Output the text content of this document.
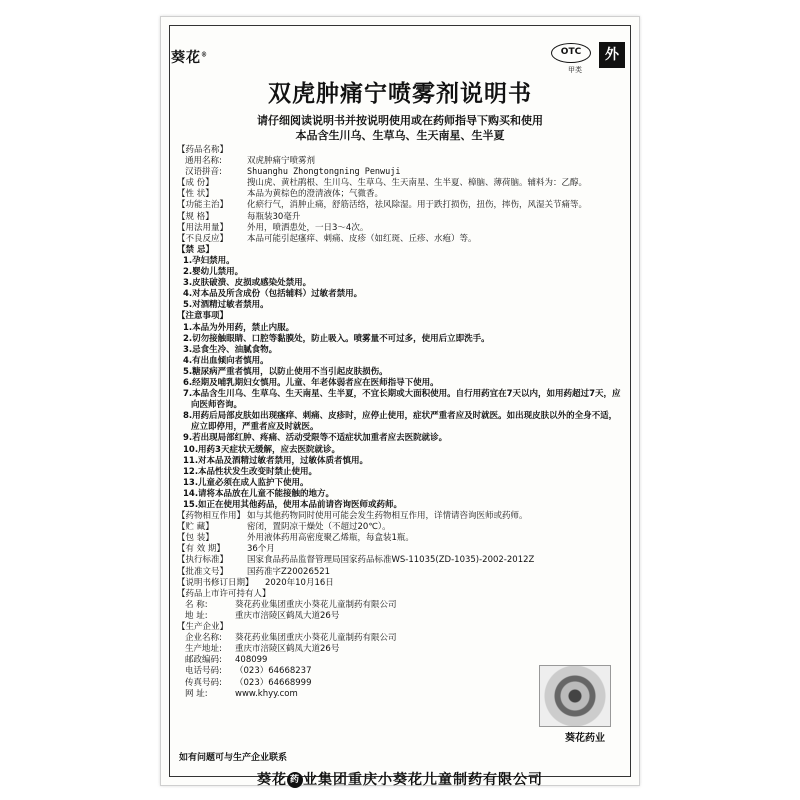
葵花®	OTC
甲类
外
双虎肿痛宁喷雾剂说明书
请仔细阅读说明书并按说明使用或在药师指导下购买和使用
本品含生川乌、生草乌、生天南星、生半夏
【药品名称】
通用名称:	双虎肿痛宁喷雾剂
汉语拼音:	Shuanghu Zhongtongning Penwuji
【成 份】	搜山虎、黄杜鹃根、生川乌、生草乌、生天南星、生半夏、樟脑、薄荷脑。辅料为：乙醇。
【性 状】	本品为黄棕色的澄清液体；气微香。
【功能主治】	化瘀行气，消肿止痛，舒筋活络，祛风除湿。用于跌打损伤，扭伤，摔伤，风湿关节痛等。
【规 格】	每瓶装30毫升
【用法用量】	外用，喷洒患处，一日3～4次。
【不良反应】	本品可能引起瘙痒、刺痛、皮疹（如红斑、丘疹、水疱）等。
【禁 忌】
1.孕妇禁用。
2.婴幼儿禁用。
3.皮肤破溃、皮损或感染处禁用。
4.对本品及所含成份（包括辅料）过敏者禁用。
5.对酒精过敏者禁用。
【注意事项】
1.本品为外用药，禁止内服。
2.切勿接触眼睛、口腔等黏膜处，防止吸入。喷雾量不可过多，使用后立即洗手。
3.忌食生冷、油腻食物。
4.有出血倾向者慎用。
5.糖尿病严重者慎用，以防止使用不当引起皮肤损伤。
6.经期及哺乳期妇女慎用。儿童、年老体弱者应在医师指导下使用。
7.本品含生川乌、生草乌、生天南星、生半夏，不宜长期或大面积使用。自行用药宜在7天以内，如用药超过7天，应向医师咨询。
8.用药后局部皮肤如出现瘙痒、刺痛、皮疹时，应停止使用，症状严重者应及时就医。如出现皮肤以外的全身不适，应立即停用，严重者应及时就医。
9.若出现局部红肿、疼痛、活动受限等不适症状加重者应去医院就诊。
10.用药3天症状无缓解，应去医院就诊。
11.对本品及酒精过敏者禁用，过敏体质者慎用。
12.本品性状发生改变时禁止使用。
13.儿童必须在成人监护下使用。
14.请将本品放在儿童不能接触的地方。
15.如正在使用其他药品，使用本品前请咨询医师或药师。
【药物相互作用】 如与其他药物同时使用可能会发生药物相互作用，详情请咨询医师或药师。
【贮 藏】	密闭，置阴凉干燥处（不超过20℃）。
【包 装】	外用液体药用高密度聚乙烯瓶，每盒装1瓶。
【有 效 期】	36个月
【执行标准】	国家食品药品监督管理局国家药品标准WS-11035(ZD-1035)-2002-2012Z
【批准文号】	国药准字Z20026521
【说明书修订日期】	2020年10月16日
【药品上市许可持有人】
名 称:	葵花药业集团重庆小葵花儿童制药有限公司
地 址:	重庆市涪陵区鹤凤大道26号
【生产企业】
企业名称:	葵花药业集团重庆小葵花儿童制药有限公司
生产地址:	重庆市涪陵区鹤凤大道26号
邮政编码:	408099
电话号码:	（023）64668237
传真号码:	（023）64668999
网 址:	www.khyy.com
葵花药业
如有问题可与生产企业联系
葵花 药 业集团重庆小葵花儿童制药有限公司
